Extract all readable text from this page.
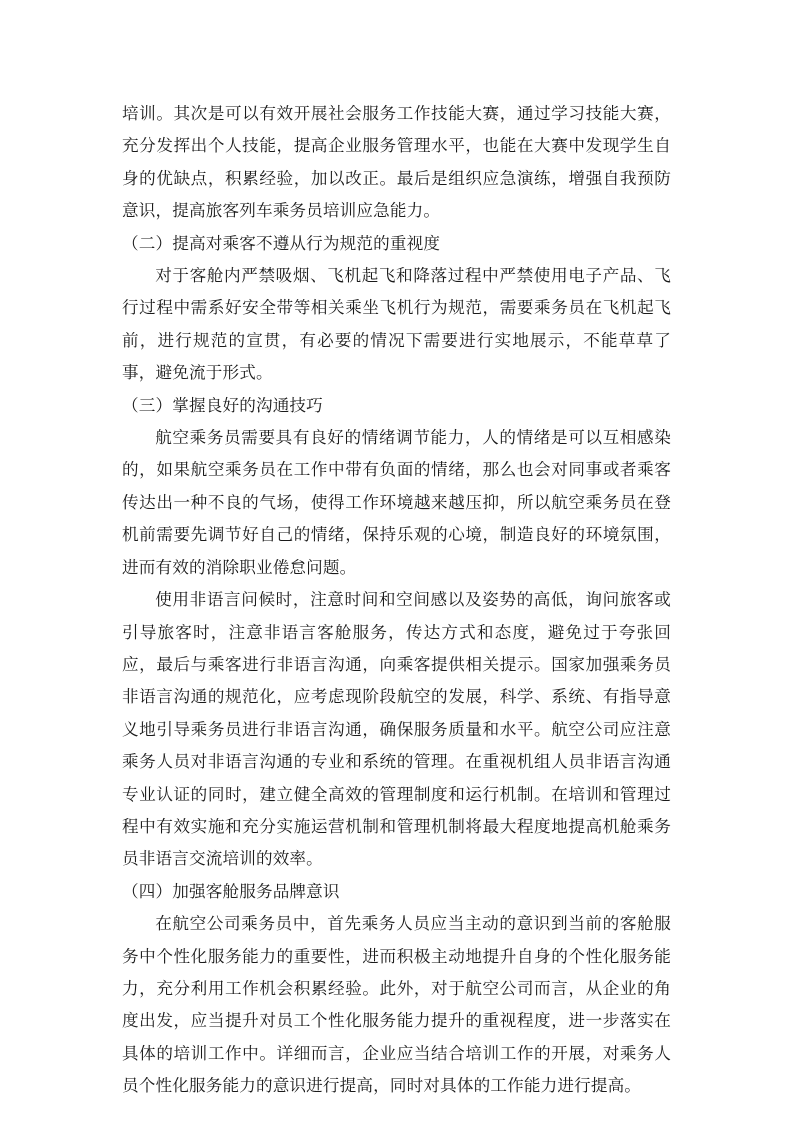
培训。其次是可以有效开展社会服务工作技能大赛，通过学习技能大赛，充分发挥出个人技能，提高企业服务管理水平，也能在大赛中发现学生自身的优缺点，积累经验，加以改正。最后是组织应急演练，增强自我预防意识，提高旅客列车乘务员培训应急能力。

（二）提高对乘客不遵从行为规范的重视度

对于客舱内严禁吸烟、飞机起飞和降落过程中严禁使用电子产品、飞行过程中需系好安全带等相关乘坐飞机行为规范，需要乘务员在飞机起飞前，进行规范的宣贯，有必要的情况下需要进行实地展示，不能草草了事，避免流于形式。

（三）掌握良好的沟通技巧

航空乘务员需要具有良好的情绪调节能力，人的情绪是可以互相感染的，如果航空乘务员在工作中带有负面的情绪，那么也会对同事或者乘客传达出一种不良的气场，使得工作环境越来越压抑，所以航空乘务员在登机前需要先调节好自己的情绪，保持乐观的心境，制造良好的环境氛围，进而有效的消除职业倦怠问题。

使用非语言问候时，注意时间和空间感以及姿势的高低，询问旅客或引导旅客时，注意非语言客舱服务，传达方式和态度，避免过于夸张回应，最后与乘客进行非语言沟通，向乘客提供相关提示。国家加强乘务员非语言沟通的规范化，应考虑现阶段航空的发展，科学、系统、有指导意义地引导乘务员进行非语言沟通，确保服务质量和水平。航空公司应注意乘务人员对非语言沟通的专业和系统的管理。在重视机组人员非语言沟通专业认证的同时，建立健全高效的管理制度和运行机制。在培训和管理过程中有效实施和充分实施运营机制和管理机制将最大程度地提高机舱乘务员非语言交流培训的效率。

（四）加强客舱服务品牌意识

在航空公司乘务员中，首先乘务人员应当主动的意识到当前的客舱服务中个性化服务能力的重要性，进而积极主动地提升自身的个性化服务能力，充分利用工作机会积累经验。此外，对于航空公司而言，从企业的角度出发，应当提升对员工个性化服务能力提升的重视程度，进一步落实在具体的培训工作中。详细而言，企业应当结合培训工作的开展，对乘务人员个性化服务能力的意识进行提高，同时对具体的工作能力进行提高。
